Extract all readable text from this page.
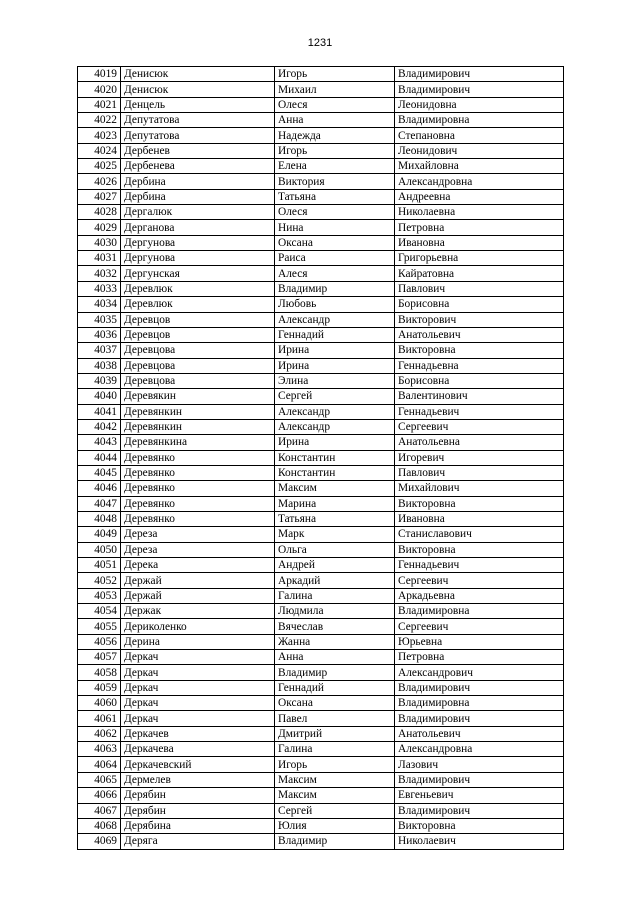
1231
4019	Денисюк	Игорь	Владимирович
4020	Денисюк	Михаил	Владимирович
4021	Денцель	Олеся	Леонидовна
4022	Депутатова	Анна	Владимировна
4023	Депутатова	Надежда	Степановна
4024	Дербенев	Игорь	Леонидович
4025	Дербенева	Елена	Михайловна
4026	Дербина	Виктория	Александровна
4027	Дербина	Татьяна	Андреевна
4028	Дергалюк	Олеся	Николаевна
4029	Дерганова	Нина	Петровна
4030	Дергунова	Оксана	Ивановна
4031	Дергунова	Раиса	Григорьевна
4032	Дергунская	Алеся	Кайратовна
4033	Деревлюк	Владимир	Павлович
4034	Деревлюк	Любовь	Борисовна
4035	Деревцов	Александр	Викторович
4036	Деревцов	Геннадий	Анатольевич
4037	Деревцова	Ирина	Викторовна
4038	Деревцова	Ирина	Геннадьевна
4039	Деревцова	Элина	Борисовна
4040	Деревякин	Сергей	Валентинович
4041	Деревянкин	Александр	Геннадьевич
4042	Деревянкин	Александр	Сергеевич
4043	Деревянкина	Ирина	Анатольевна
4044	Деревянко	Константин	Игоревич
4045	Деревянко	Константин	Павлович
4046	Деревянко	Максим	Михайлович
4047	Деревянко	Марина	Викторовна
4048	Деревянко	Татьяна	Ивановна
4049	Дереза	Марк	Станиславович
4050	Дереза	Ольга	Викторовна
4051	Дерека	Андрей	Геннадьевич
4052	Держай	Аркадий	Сергеевич
4053	Держай	Галина	Аркадьевна
4054	Держак	Людмила	Владимировна
4055	Дериколенко	Вячеслав	Сергеевич
4056	Дерина	Жанна	Юрьевна
4057	Деркач	Анна	Петровна
4058	Деркач	Владимир	Александрович
4059	Деркач	Геннадий	Владимирович
4060	Деркач	Оксана	Владимировна
4061	Деркач	Павел	Владимирович
4062	Деркачев	Дмитрий	Анатольевич
4063	Деркачева	Галина	Александровна
4064	Деркачевский	Игорь	Лазович
4065	Дермелев	Максим	Владимирович
4066	Дерябин	Максим	Евгеньевич
4067	Дерябин	Сергей	Владимирович
4068	Дерябина	Юлия	Викторовна
4069	Деряга	Владимир	Николаевич
